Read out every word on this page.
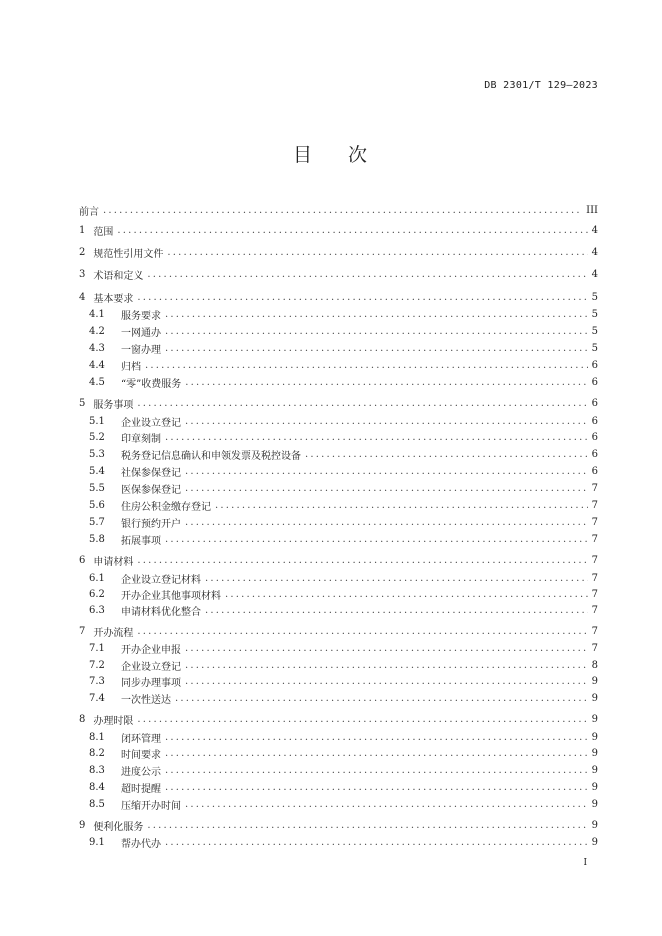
DB 2301/T 129—2023
目 次
前言 .....	III
1 范围 .....	4
2 规范性引用文件 .....	4
3 术语和定义 .....	4
4 基本要求 .....	5
4.1	服务要求 .....	5
4.2	一网通办 .....	5
4.3	一窗办理 .....	5
4.4	归档 .....	6
4.5	“零”收费服务 .....	6
5 服务事项 .....	6
5.1	企业设立登记 .....	6
5.2	印章刻制 .....	6
5.3	税务登记信息确认和申领发票及税控设备 .....	6
5.4	社保参保登记 .....	6
5.5	医保参保登记 .....	7
5.6	住房公积金缴存登记 .....	7
5.7	银行预约开户 .....	7
5.8	拓展事项 .....	7
6 申请材料 .....	7
6.1	企业设立登记材料 .....	7
6.2	开办企业其他事项材料 .....	7
6.3	申请材料优化整合 .....	7
7 开办流程 .....	7
7.1	开办企业申报 .....	7
7.2	企业设立登记 .....	8
7.3	同步办理事项 .....	9
7.4	一次性送达 .....	9
8 办理时限 .....	9
8.1	闭环管理 .....	9
8.2	时间要求 .....	9
8.3	进度公示 .....	9
8.4	超时提醒 .....	9
8.5	压缩开办时间 .....	9
9 便利化服务 .....	9
9.1	帮办代办 .....	9
I
